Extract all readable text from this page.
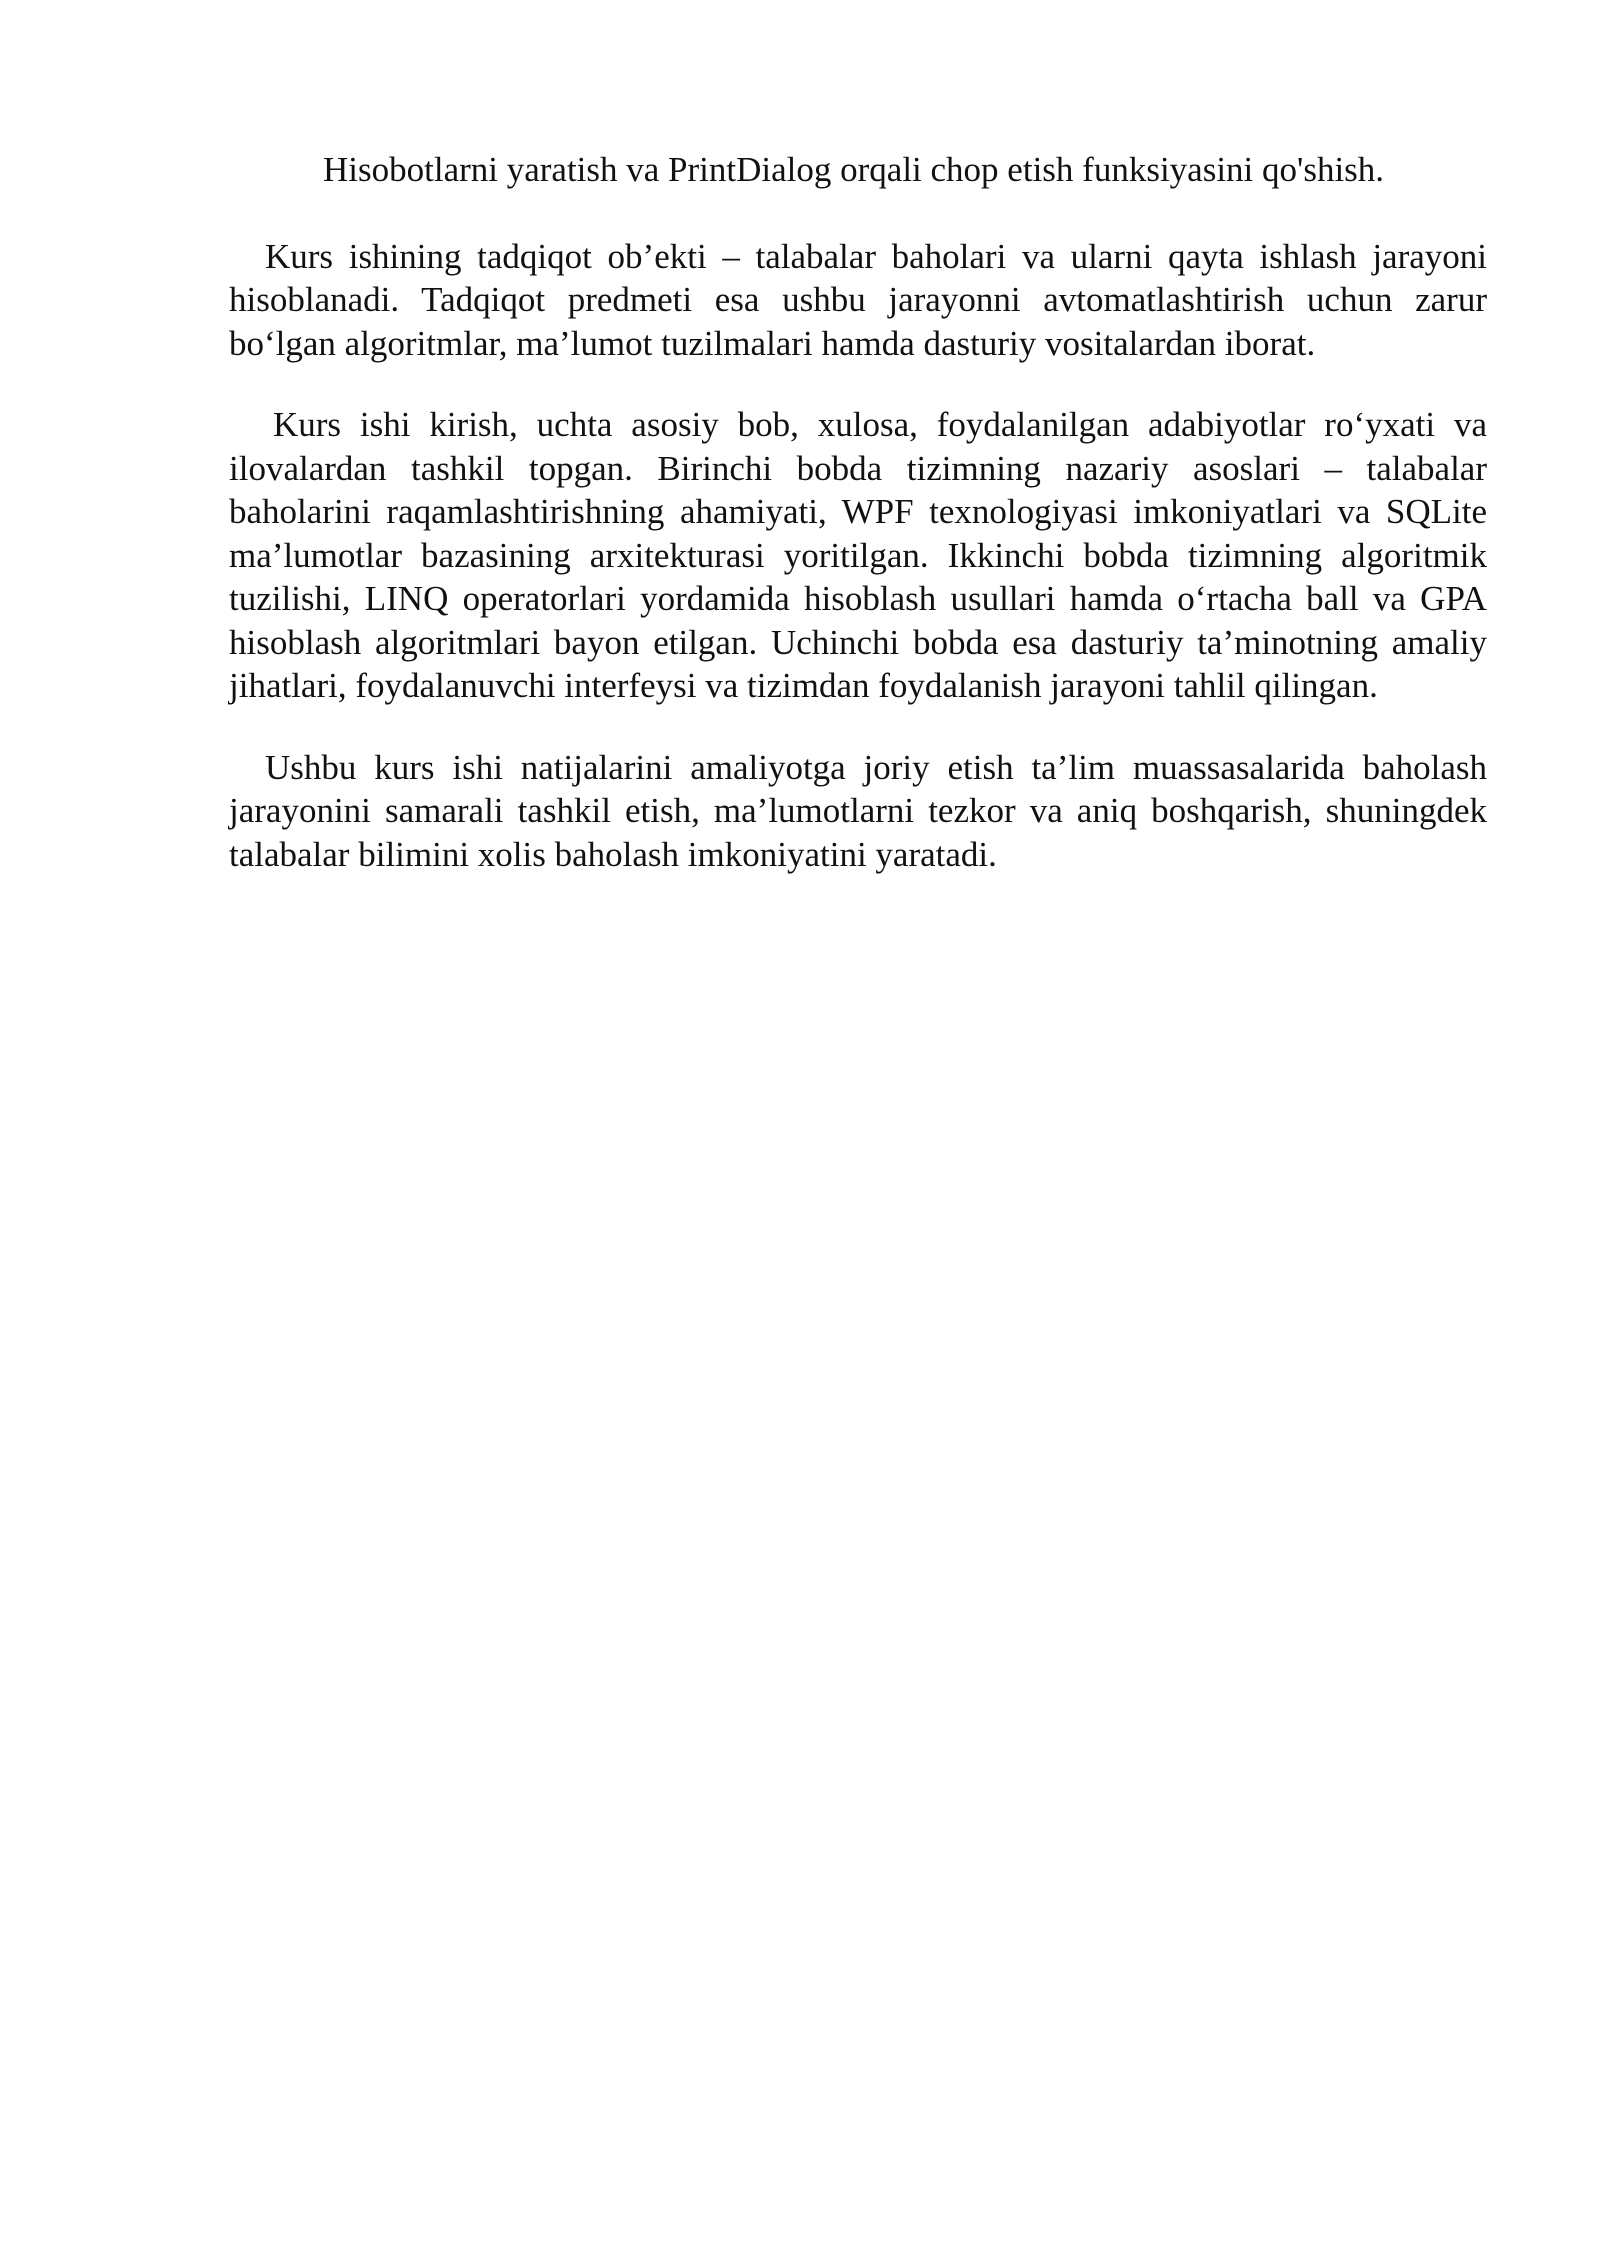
Hisobotlarni yaratish va PrintDialog orqali chop etish funksiyasini qo'shish.

Kurs ishining tadqiqot ob’ekti – talabalar baholari va ularni qayta ishlash jarayoni hisoblanadi. Tadqiqot predmeti esa ushbu jarayonni avtomatlashtirish uchun zarur bo‘lgan algoritmlar, ma’lumot tuzilmalari hamda dasturiy vositalardan iborat.

Kurs ishi kirish, uchta asosiy bob, xulosa, foydalanilgan adabiyotlar ro‘yxati va ilovalardan tashkil topgan. Birinchi bobda tizimning nazariy asoslari – talabalar baholarini raqamlashtirishning ahamiyati, WPF texnologiyasi imkoniyatlari va SQLite ma’lumotlar bazasining arxitekturasi yoritilgan. Ikkinchi bobda tizimning algoritmik tuzilishi, LINQ operatorlari yordamida hisoblash usullari hamda o‘rtacha ball va GPA hisoblash algoritmlari bayon etilgan. Uchinchi bobda esa dasturiy ta’minotning amaliy jihatlari, foydalanuvchi interfeysi va tizimdan foydalanish jarayoni tahlil qilingan.

Ushbu kurs ishi natijalarini amaliyotga joriy etish ta’lim muassasalarida baholash jarayonini samarali tashkil etish, ma’lumotlarni tezkor va aniq boshqarish, shuningdek talabalar bilimini xolis baholash imkoniyatini yaratadi.
